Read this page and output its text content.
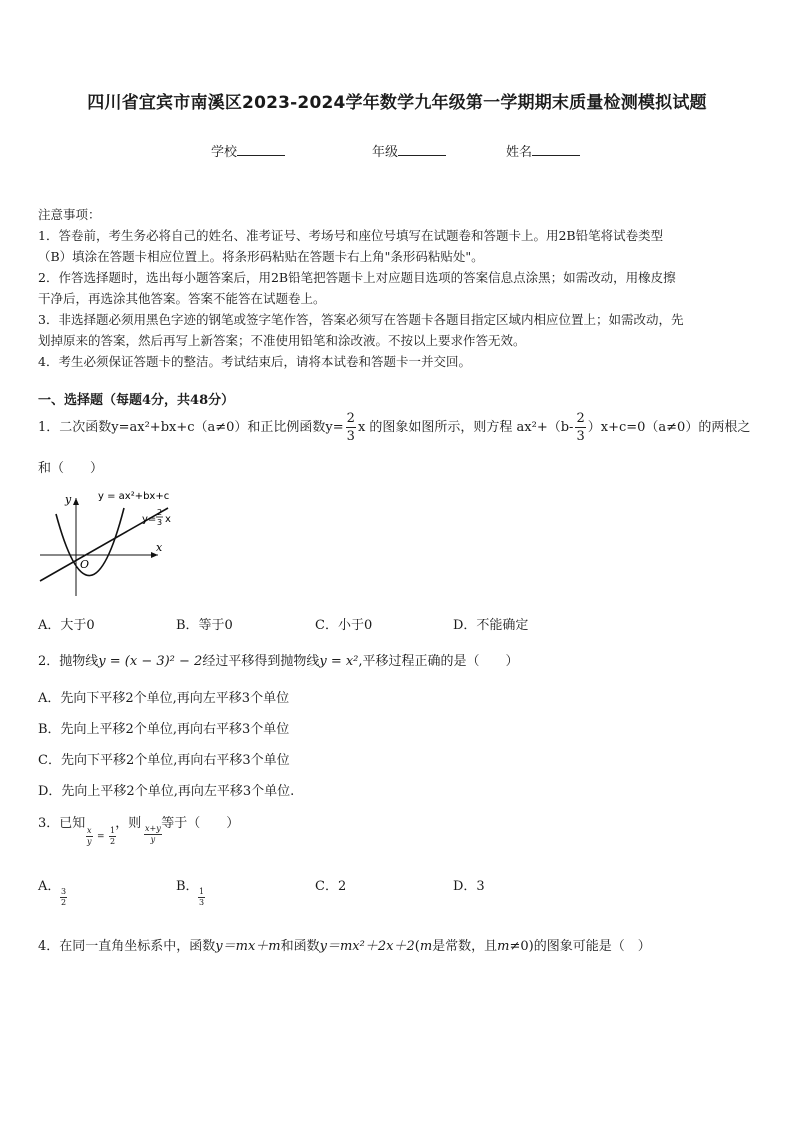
四川省宜宾市南溪区2023-2024学年数学九年级第一学期期末质量检测模拟试题
学校	年级	姓名

注意事项：

1．答卷前，考生务必将自己的姓名、准考证号、考场号和座位号填写在试题卷和答题卡上。用2B铅笔将试卷类型

（B）填涂在答题卡相应位置上。将条形码粘贴在答题卡右上角"条形码粘贴处"。

2．作答选择题时，选出每小题答案后，用2B铅笔把答题卡上对应题目选项的答案信息点涂黑；如需改动，用橡皮擦

干净后，再选涂其他答案。答案不能答在试题卷上。

3．非选择题必须用黑色字迹的钢笔或签字笔作答，答案必须写在答题卡各题目指定区域内相应位置上；如需改动，先

划掉原来的答案，然后再写上新答案；不准使用铅笔和涂改液。不按以上要求作答无效。

4．考生必须保证答题卡的整洁。考试结束后，请将本试卷和答题卡一并交回。

一、选择题（每题4分，共48分）
1．二次函数y=ax²+bx+c（a≠0）和正比例函数$y= \frac{2}{3}$ x 的图象如图所示，则方程 $ax^2+(b- \frac{2}{3} )x+c=0(a\ne 0)$的两根之
和（　　）
y
x
O
y = ax²+bx+c
y=
2
3 x
A．大于0	B．等于0	C．小于0	D．不能确定
2．抛物线y = (x − 3)² − 2经过平移得到抛物线y = x²,平移过程正确的是（　　）
A．先向下平移2个单位,再向左平移3个单位
B．先向上平移2个单位,再向右平移3个单位
C．先向下平移2个单位,再向右平移3个单位
D．先向上平移2个单位,再向左平移3个单位.
3．已知 ，则 等于（　　）
$\frac{x}{y} = \frac{1}{2}$	$\frac{x+y}{y}$
A．
$\frac{3}{2}$
B．
$\frac{1}{3}$
C．2	D．3
4．在同一直角坐标系中，函数y＝mx＋m和函数y＝mx²＋2x＋2(m是常数，且m≠0)的图象可能是（　）
